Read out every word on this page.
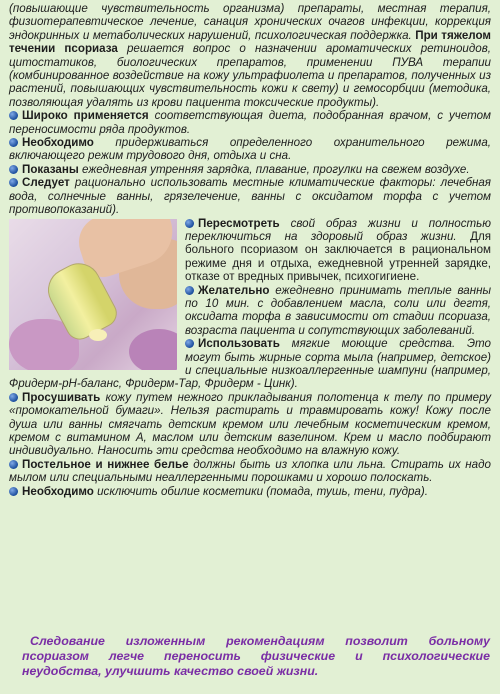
(повышающие чувствительность организма) препараты, местная терапия, физиотерапевтическое лечение, санация хронических очагов инфекции, коррекция эндокринных и метаболических нарушений, психологическая поддержка. При тяжелом течении псориаза решается вопрос о назначении ароматических ретиноидов, цитостатиков, биологических препаратов, применении ПУВА терапии (комбинированное воздействие на кожу ультрафиолета и препаратов, полученных из растений, повышающих чувствительность кожи к свету) и гемосорбции (методика, позволяющая удалять из крови пациента токсические продукты).

Широко применяется соответствующая диета, подобранная врачом, с учетом переносимости ряда продуктов.

Необходимо придерживаться определенного охранительного режима, включающего режим трудового дня, отдыха и сна.

Показаны ежедневная утренняя зарядка, плавание, прогулки на свежем воздухе.

Следует рационально использовать местные климатические факторы: лечебная вода, солнечные ванны, грязелечение, ванны с оксидатом торфа с учетом противопоказаний).

Пересмотреть свой образ жизни и полностью переключиться на здоровый образ жизни. Для больного псориазом он заключается в рациональном режиме дня и отдыха, ежедневной утренней зарядке, отказе от вредных привычек, психогигиене.

Желательно ежедневно принимать теплые ванны по 10 мин. с добавлением масла, соли или дегтя, оксидата торфа в зависимости от стадии псориаза, возраста пациента и сопутствующих заболеваний.

Использовать мягкие моющие средства. Это могут быть жирные сорта мыла (например, детское) и специальные низкоаллергенные шампуни (например, Фридерм-pH-баланс, Фридерм-Тар, Фридерм - Цинк).

Просушивать кожу путем нежного прикладывания полотенца к телу по примеру «промокательной бумаги». Нельзя растирать и травмировать кожу! Кожу после душа или ванны смягчать детским кремом или лечебным косметическим кремом, кремом с витамином А, маслом или детским вазелином. Крем и масло подбирают индивидуально. Наносить эти средства необходимо на влажную кожу.

Постельное и нижнее белье должны быть из хлопка или льна. Стирать их надо мылом или специальными неаллергенными порошками и хорошо полоскать.

Необходимо исключить обилие косметики (помада, тушь, тени, пудра).

Следование изложенным рекомендациям позволит больному псориазом легче переносить физические и психологические неудобства, улучшить качество своей жизни.
